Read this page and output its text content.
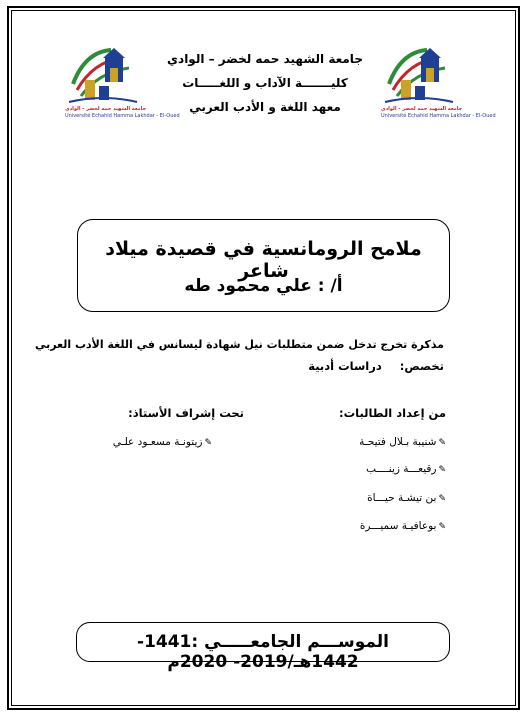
جامعة الشهيد حمه لخضر - الوادي
Université Echahid Hamma Lakhdar - El-Oued
جامعة الشهيد حمه لخضر - الوادي
Université Echahid Hamma Lakhdar - El-Oued
جامعة الشهيد حمه لخضر – الوادي
كليـــــــة الآداب و اللغـــــات
معهد اللغة و الأدب العربي
ملامح الرومانسية في قصيدة ميلاد شاعر
أ/ : علي محمود طه
مذكرة تخرج تدخل ضمن متطلبات نيل شهادة ليسانس في اللغة الأدب العربي
تخصص:  دراسات أدبية
من إعداد الطالبات:
تحت إشراف الأستاذ:
✎شنيبة بـلال فتيحـة
✎رقيعـــة زينــــب
✎بن تيشـة حيـــاة
✎بوعافيـة سميـــرة
✎زيتونـة مسعـود علـي
الموســـم الجامعـــــي :1441- 1442هـ/2019- 2020م
